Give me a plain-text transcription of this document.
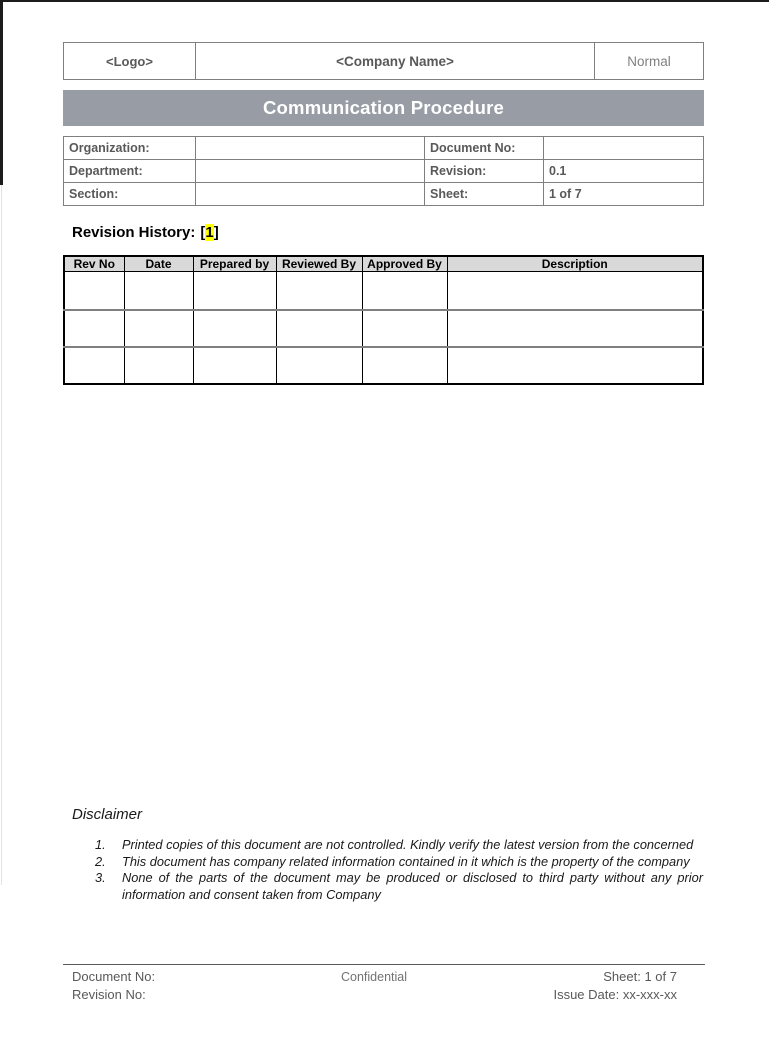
<Logo>	<Company Name>	Normal
Communication Procedure
Organization:		Document No:	
Department:		Revision:	0.1
Section:		Sheet:	1 of 7
Revision History: [1]
Rev No	Date	Prepared by	Reviewed By	Approved By	Description

Disclaimer
1.	Printed copies of this document are not controlled. Kindly verify the latest version from the concerned
2.	This document has company related information contained in it which is the property of the company
3.	None of the parts of the document may be produced or disclosed to third party without any prior information and consent taken from Company
Document No:
Revision No:
Confidential	Sheet: 1 of 7
Issue Date: xx-xxx-xx
